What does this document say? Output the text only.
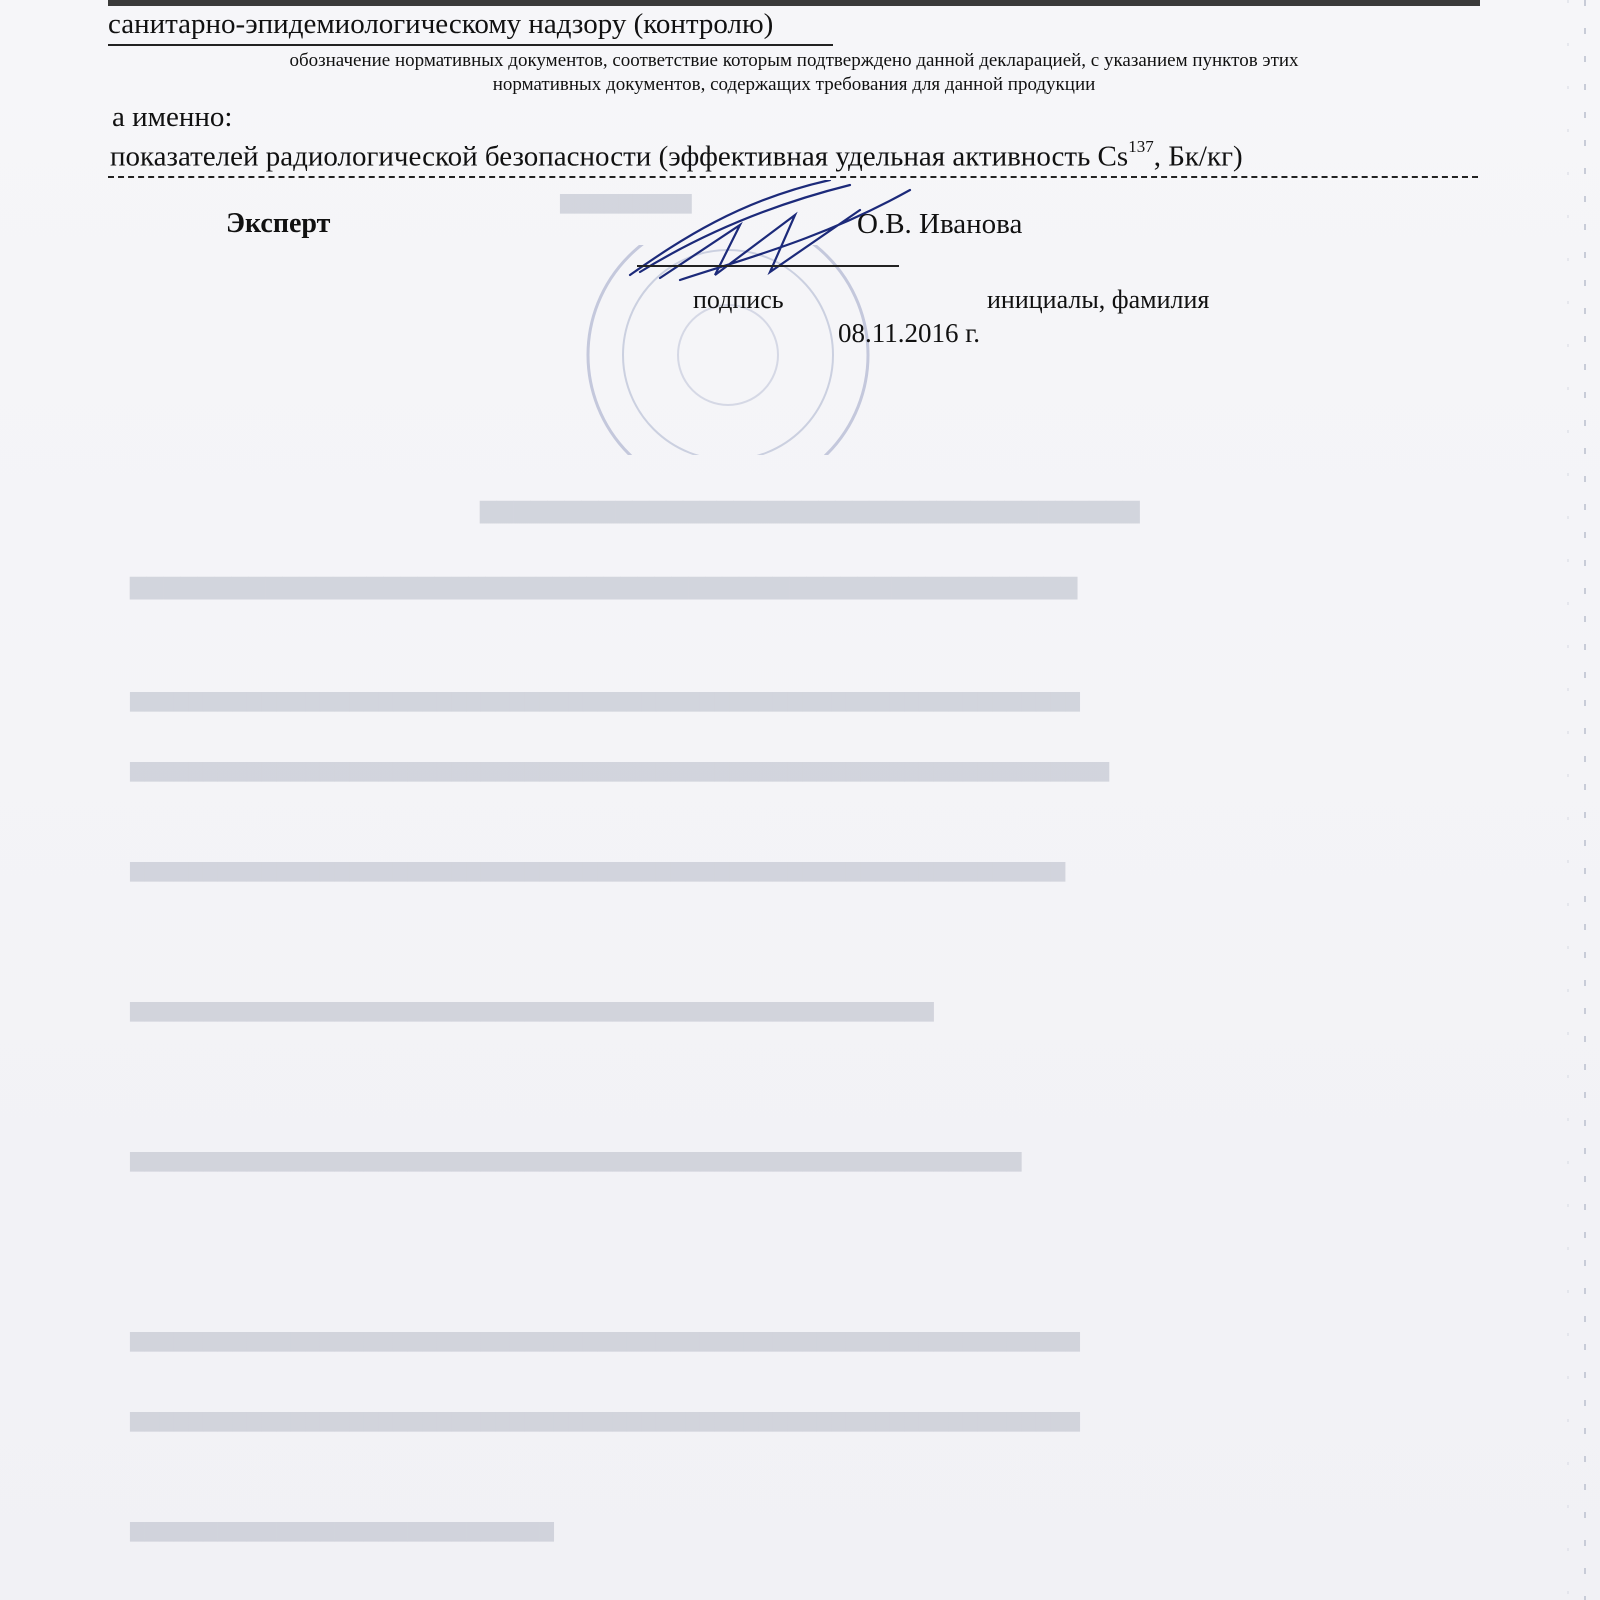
▇▇▇▇▇▇▇▇▇
▇▇▇▇▇▇▇▇▇▇▇▇▇▇▇▇▇▇▇▇▇▇▇▇▇▇▇▇▇▇▇▇▇▇▇▇▇▇▇
▇▇▇▇▇▇▇▇▇▇▇▇▇▇▇▇▇▇▇▇▇▇▇▇▇▇▇▇▇▇▇▇▇▇▇▇▇▇▇▇▇▇▇▇▇▇▇▇▇▇▇▇▇▇▇▇
▇▇▇▇▇▇▇▇▇▇▇▇▇▇▇▇▇▇▇▇▇▇▇▇▇▇▇▇▇▇▇▇▇▇▇▇▇▇▇▇▇▇▇▇▇▇▇▇▇▇▇▇▇▇▇▇▇▇▇▇▇▇▇▇▇
▇▇▇▇▇▇▇▇▇▇▇▇▇▇▇▇▇▇▇▇▇▇▇▇▇▇▇▇▇▇▇▇▇▇▇▇▇▇▇▇▇▇▇▇▇▇▇▇▇▇▇▇▇▇▇▇▇▇▇▇▇▇▇▇▇▇▇
▇▇▇▇▇▇▇▇▇▇▇▇▇▇▇▇▇▇▇▇▇▇▇▇▇▇▇▇▇▇▇▇▇▇▇▇▇▇▇▇▇▇▇▇▇▇▇▇▇▇▇▇▇▇▇▇▇▇▇▇▇▇▇▇
▇▇▇▇▇▇▇▇▇▇▇▇▇▇▇▇▇▇▇▇▇▇▇▇▇▇▇▇▇▇▇▇▇▇▇▇▇▇▇▇▇▇▇▇▇▇▇▇▇▇▇▇▇▇▇
▇▇▇▇▇▇▇▇▇▇▇▇▇▇▇▇▇▇▇▇▇▇▇▇▇▇▇▇▇▇▇▇▇▇▇▇▇▇▇▇▇▇▇▇▇▇▇▇▇▇▇▇▇▇▇▇▇▇▇▇▇
▇▇▇▇▇▇▇▇▇▇▇▇▇▇▇▇▇▇▇▇▇▇▇▇▇▇▇▇▇▇▇▇▇▇▇▇▇▇▇▇▇▇▇▇▇▇▇▇▇▇▇▇▇▇▇▇▇▇▇▇▇▇▇▇▇
▇▇▇▇▇▇▇▇▇▇▇▇▇▇▇▇▇▇▇▇▇▇▇▇▇▇▇▇▇▇▇▇▇▇▇▇▇▇▇▇▇▇▇▇▇▇▇▇▇▇▇▇▇▇▇▇▇▇▇▇▇▇▇▇▇
▇▇▇▇▇▇▇▇▇▇▇▇▇▇▇▇▇▇▇▇▇▇▇▇▇▇▇▇▇
санитарно-эпидемиологическому надзору (контролю)
обозначение нормативных документов, соответствие которым подтверждено данной декларацией, с указанием пунктов этих
нормативных документов, содержащих требования для данной продукции
а именно:
показателей радиологической безопасности (эффективная удельная активность Cs$^{137}$, Бк/кг)
Эксперт	О.В. Иванова
подпись	инициалы, фамилия
08.11.2016 г.
